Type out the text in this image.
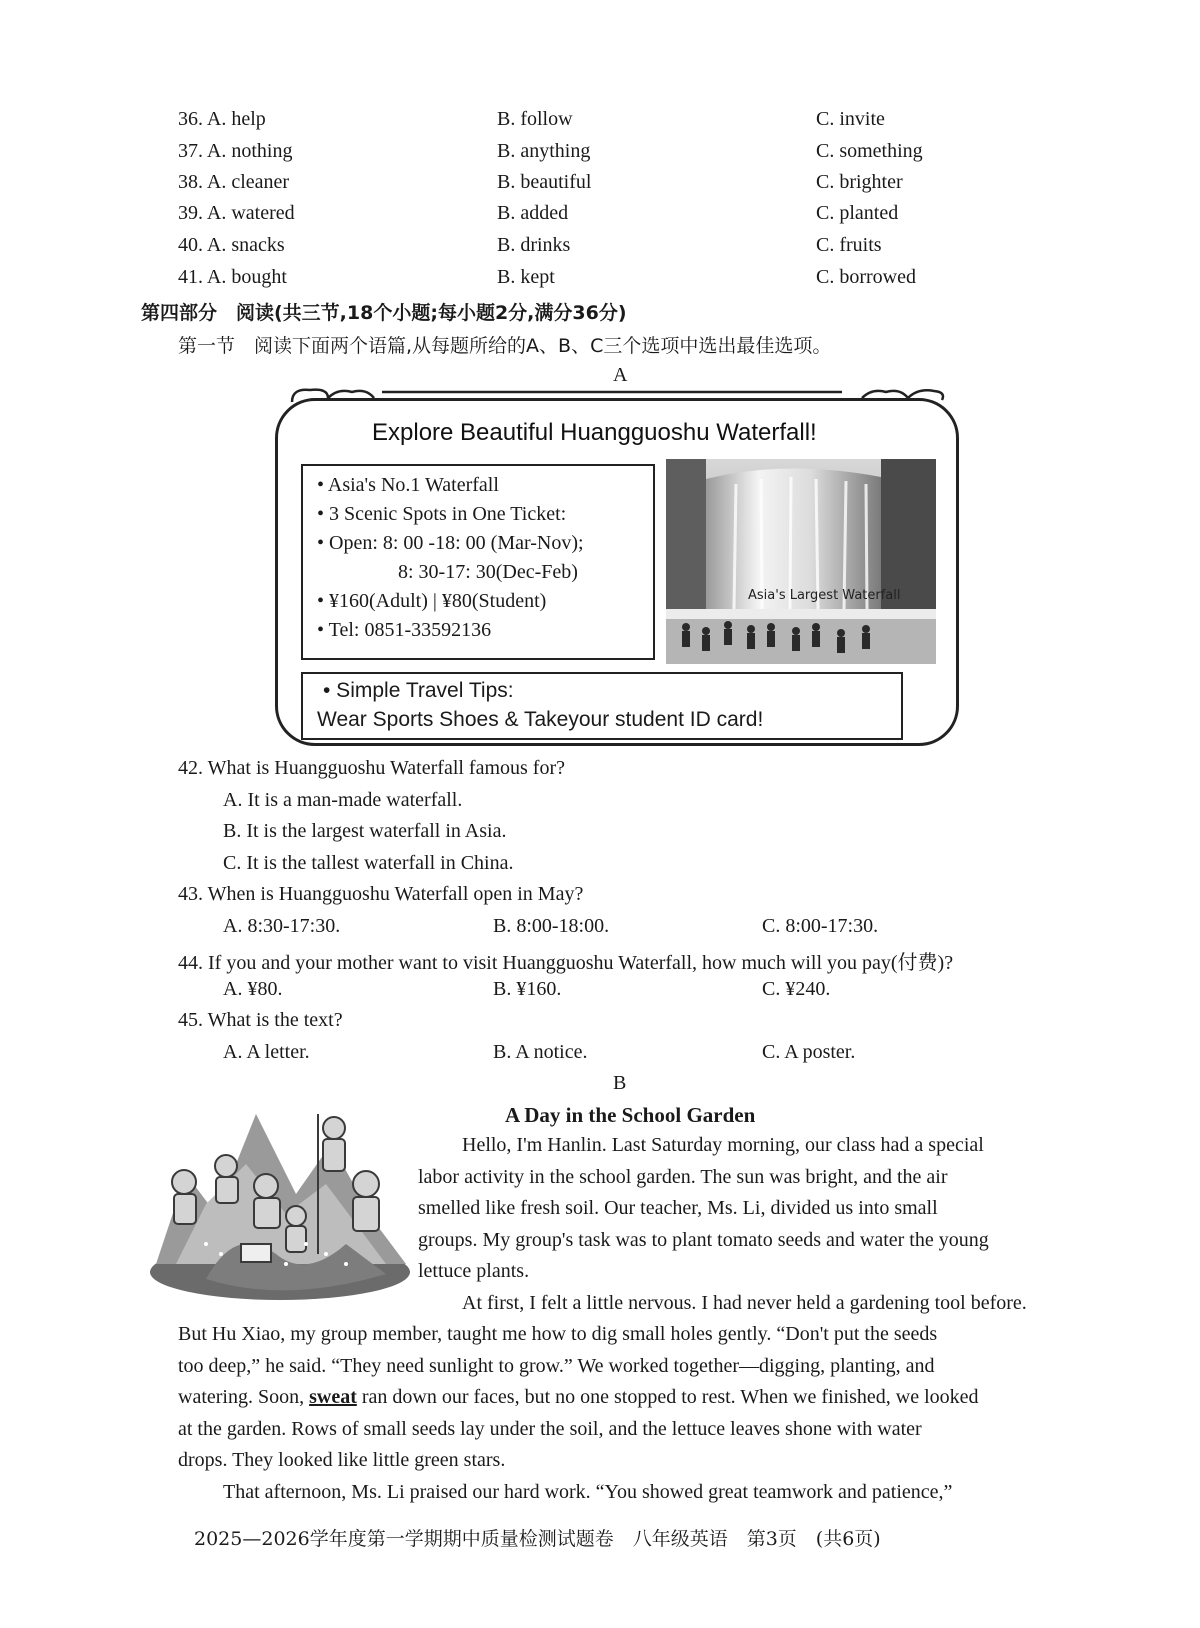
36. A. help	B. follow	C. invite
37. A. nothing	B. anything	C. something
38. A. cleaner	B. beautiful	C. brighter
39. A. watered	B. added	C. planted
40. A. snacks	B. drinks	C. fruits
41. A. bought	B. kept	C. borrowed
第四部分　阅读(共三节,18个小题;每小题2分,满分36分)
第一节　阅读下面两个语篇,从每题所给的A、B、C三个选项中选出最佳选项。
A
Explore Beautiful Huangguoshu Waterfall!
• Asia's No.1 Waterfall
• 3 Scenic Spots in One Ticket:
• Open: 8: 00 -18: 00 (Mar-Nov);
8: 30-17: 30(Dec-Feb)
• ¥160(Adult) | ¥80(Student)
• Tel: 0851-33592136
Asia's Largest Waterfall
• Simple Travel Tips:
Wear Sports Shoes & Takeyour student ID card!
42. What is Huangguoshu Waterfall famous for?
A. It is a man-made waterfall.
B. It is the largest waterfall in Asia.
C. It is the tallest waterfall in China.
43. When is Huangguoshu Waterfall open in May?
A. 8:30-17:30.	B. 8:00-18:00.	C. 8:00-17:30.
44. If you and your mother want to visit Huangguoshu Waterfall, how much will you pay(付费)?
A. ¥80.	B. ¥160.	C. ¥240.
45. What is the text?
A. A letter.	B. A notice.	C. A poster.
B
A Day in the School Garden
Hello, I'm Hanlin. Last Saturday morning, our class had a special
labor activity in the school garden. The sun was bright, and the air
smelled like fresh soil. Our teacher, Ms. Li, divided us into small
groups. My group's task was to plant tomato seeds and water the young
lettuce plants.
At first, I felt a little nervous. I had never held a gardening tool before.
But Hu Xiao, my group member, taught me how to dig small holes gently. “Don't put the seeds
too deep,” he said. “They need sunlight to grow.” We worked together—digging, planting, and
watering. Soon, sweat ran down our faces, but no one stopped to rest. When we finished, we looked
at the garden. Rows of small seeds lay under the soil, and the lettuce leaves shone with water
drops. They looked like little green stars.
That afternoon, Ms. Li praised our hard work. “You showed great teamwork and patience,”
2025—2026学年度第一学期期中质量检测试题卷　八年级英语　第3页　(共6页)
